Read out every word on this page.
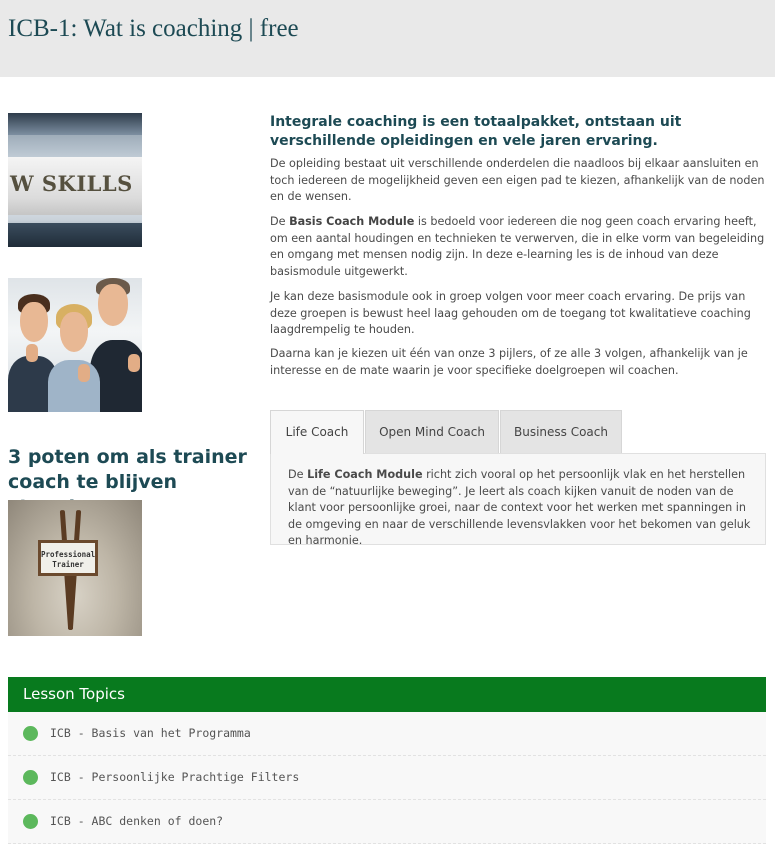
ICB-1: Wat is coaching | free
W SKILLS
3 poten om als trainer coach te blijven
Professional
Trainer
Integrale coaching is een totaalpakket, ontstaan uit verschillende opleidingen en vele jaren ervaring.

De opleiding bestaat uit verschillende onderdelen die naadloos bij elkaar aansluiten en toch iedereen de mogelijkheid geven een eigen pad te kiezen, afhankelijk van de noden en de wensen.

De Basis Coach Module is bedoeld voor iedereen die nog geen coach ervaring heeft, om een aantal houdingen en technieken te verwerven, die in elke vorm van begeleiding en omgang met mensen nodig zijn. In deze e-learning les is de inhoud van deze basismodule uitgewerkt.

Je kan deze basismodule ook in groep volgen voor meer coach ervaring. De prijs van deze groepen is bewust heel laag gehouden om de toegang tot kwalitatieve coaching laagdrempelig te houden.

Daarna kan je kiezen uit één van onze 3 pijlers, of ze alle 3 volgen, afhankelijk van je interesse en de mate waarin je voor specifieke doelgroepen wil coachen.

Life Coach	Open Mind Coach	Business Coach

De Life Coach Module richt zich vooral op het persoonlijk vlak en het herstellen van de “natuurlijke beweging”. Je leert als coach kijken vanuit de noden van de klant voor persoonlijke groei, naar de context voor het werken met spanningen in de omgeving en naar de verschillende levensvlakken voor het bekomen van geluk en harmonie.

Lesson Topics
ICB - Basis van het Programma
ICB - Persoonlijke Prachtige Filters
ICB - ABC denken of doen?
